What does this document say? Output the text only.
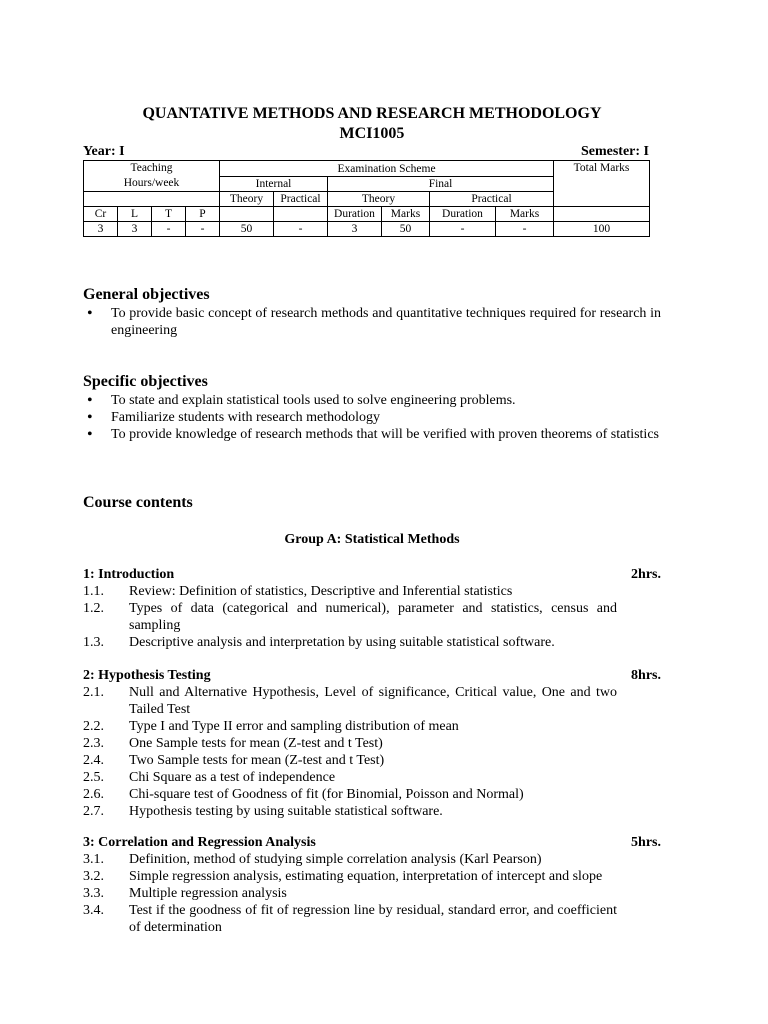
QUANTATIVE METHODS AND RESEARCH METHODOLOGY
MCI1005
Year: I	Semester: I
Teaching Hours/week				Examination Scheme						Total Marks

				Internal		Final				
				Theory	Practical	Theory		Practical		
Cr	L	T	P			Duration	Marks	Duration	Marks	
3	3	-	-	50	-	3	50	-	-	100
General objectives
• To provide basic concept of research methods and quantitative techniques required for research in engineering
Specific objectives
• To state and explain statistical tools used to solve engineering problems.
• Familiarize students with research methodology
• To provide knowledge of research methods that will be verified with proven theorems of statistics
Course contents
Group A: Statistical Methods
1: Introduction	2hrs.
1.1. Review: Definition of statistics, Descriptive and Inferential statistics
1.2. Types of data (categorical and numerical), parameter and statistics, census and sampling
1.3. Descriptive analysis and interpretation by using suitable statistical software.
2: Hypothesis Testing	8hrs.
2.1. Null and Alternative Hypothesis, Level of significance, Critical value, One and two Tailed Test
2.2. Type I and Type II error and sampling distribution of mean
2.3. One Sample tests for mean (Z-test and t Test)
2.4. Two Sample tests for mean (Z-test and t Test)
2.5. Chi Square as a test of independence
2.6. Chi-square test of Goodness of fit (for Binomial, Poisson and Normal)
2.7. Hypothesis testing by using suitable statistical software.
3: Correlation and Regression Analysis	5hrs.
3.1. Definition, method of studying simple correlation analysis (Karl Pearson)
3.2. Simple regression analysis, estimating equation, interpretation of intercept and slope
3.3. Multiple regression analysis
3.4. Test if the goodness of fit of regression line by residual, standard error, and coefficient of determination
